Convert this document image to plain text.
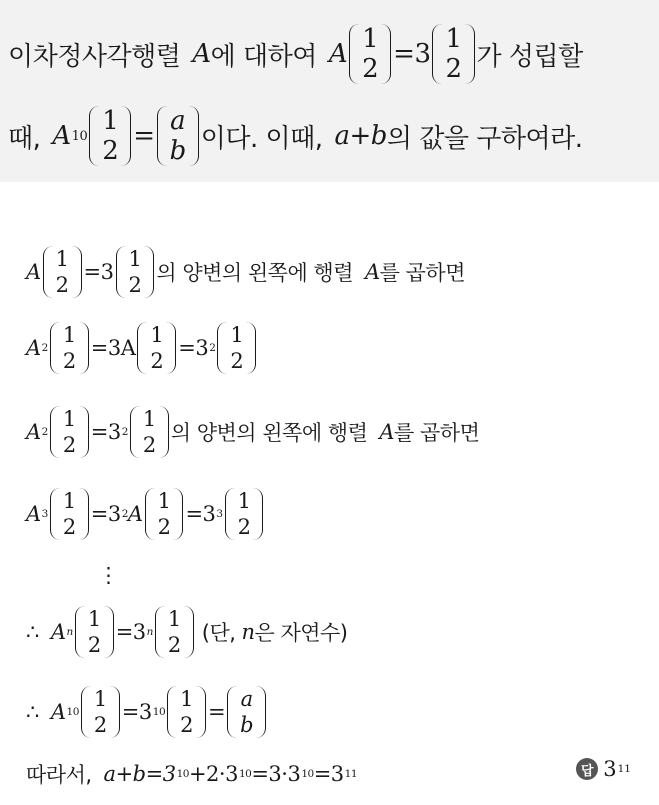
이차정사각행렬 A 에 대하여 A 1
2 =3 1
2 가 성립할
때, A 10 1
2 = a
b 이다. 이때, a+b 의 값을 구하여라.
A
1
2
=3
1
2 의 양변의 왼쪽에 행렬 A 를 곱하면
A 2
1
2
=3A
1
2
=3 2
1
2
A 2
1
2
=3 2
1
2 의 양변의 왼쪽에 행렬 A 를 곱하면
A 3
1
2
=3 2 A
1
2
=3 3
1
2
⋮
∴ A n
1
2
=3 n
1
2 (단, n 은 자연수)
∴ A 10
1
2
=3 10
1
2
=
a
b
따라서, a+b=3 10 +2·3 10 =3·3 10 =3 11	답 3 11
